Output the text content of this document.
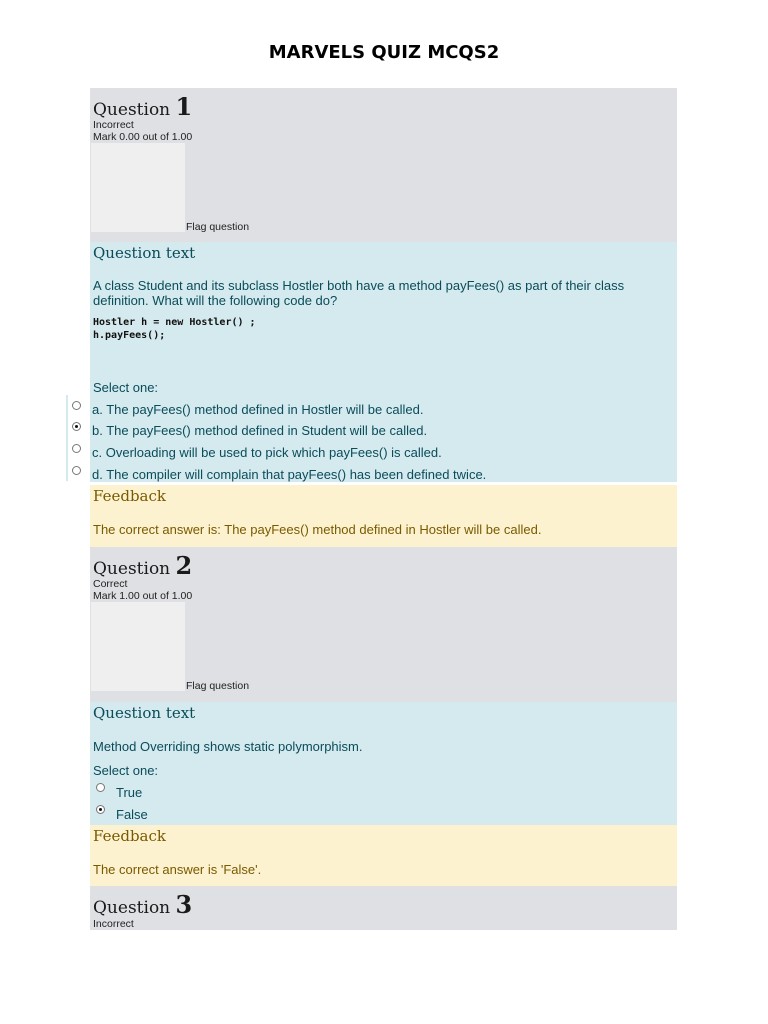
MARVELS QUIZ MCQS2
Question 1
Incorrect
Mark 0.00 out of 1.00
Flag question
Question text
A class Student and its subclass Hostler both have a method payFees() as part of their class definition. What will the following code do?
Hostler h = new Hostler() ;
h.payFees();
Select one:
a. The payFees() method defined in Hostler will be called.
b. The payFees() method defined in Student will be called.
c. Overloading will be used to pick which payFees() is called.
d. The compiler will complain that payFees() has been defined twice.
Feedback
The correct answer is: The payFees() method defined in Hostler will be called.
Question 2
Correct
Mark 1.00 out of 1.00
Flag question
Question text
Method Overriding shows static polymorphism.
Select one:
True
False
Feedback
The correct answer is 'False'.
Question 3
Incorrect
